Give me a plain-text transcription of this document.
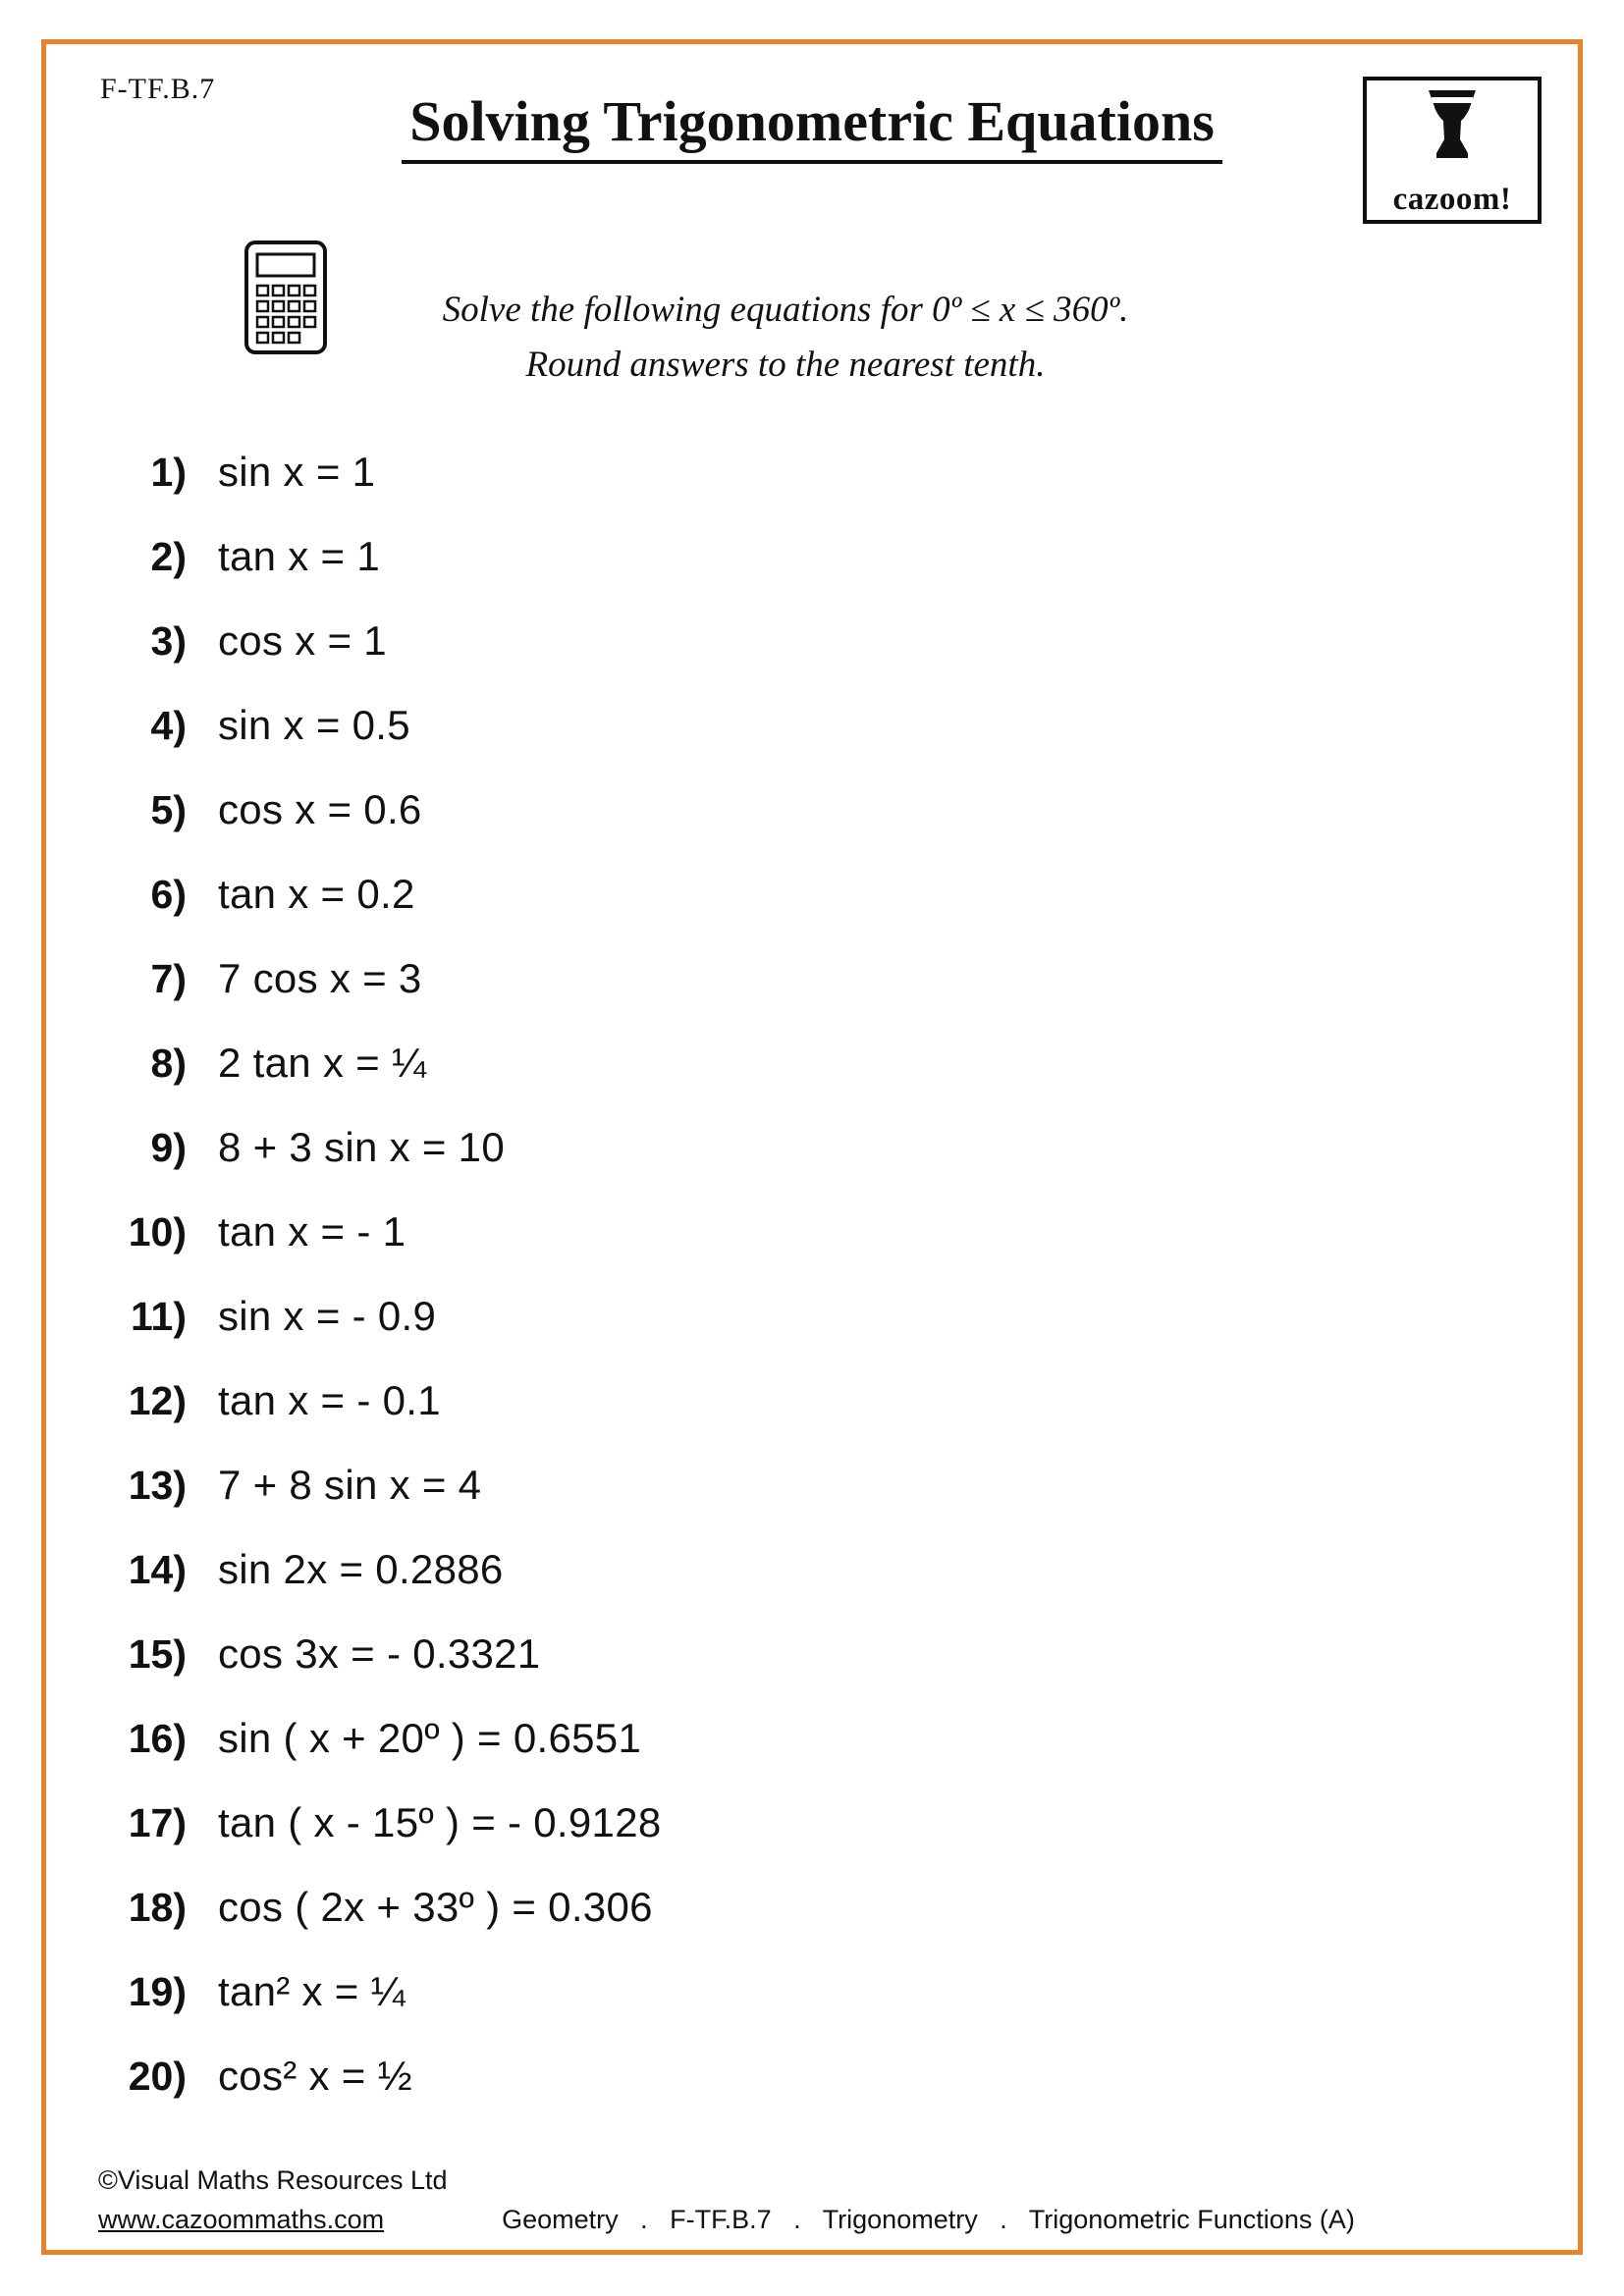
F-TF.B.7
Solving Trigonometric Equations
cazoom!
Solve the following equations for 0º ≤ x ≤ 360º.
Round answers to the nearest tenth.
1) sin x = 1
2) tan x = 1
3) cos x = 1
4) sin x = 0.5
5) cos x = 0.6
6) tan x = 0.2
7) 7 cos x = 3
8) 2 tan x = ¼
9) 8 + 3 sin x = 10
10) tan x = - 1
11) sin x = - 0.9
12) tan x = - 0.1
13) 7 + 8 sin x = 4
14) sin 2x = 0.2886
15) cos 3x = - 0.3321
16) sin ( x + 20º ) = 0.6551
17) tan ( x - 15º ) = - 0.9128
18) cos ( 2x + 33º ) = 0.306
19) tan² x = ¼
20) cos² x = ½
©Visual Maths Resources Ltd
www.cazoommaths.com	Geometry   .   F-TF.B.7   .   Trigonometry   .   Trigonometric Functions (A)
